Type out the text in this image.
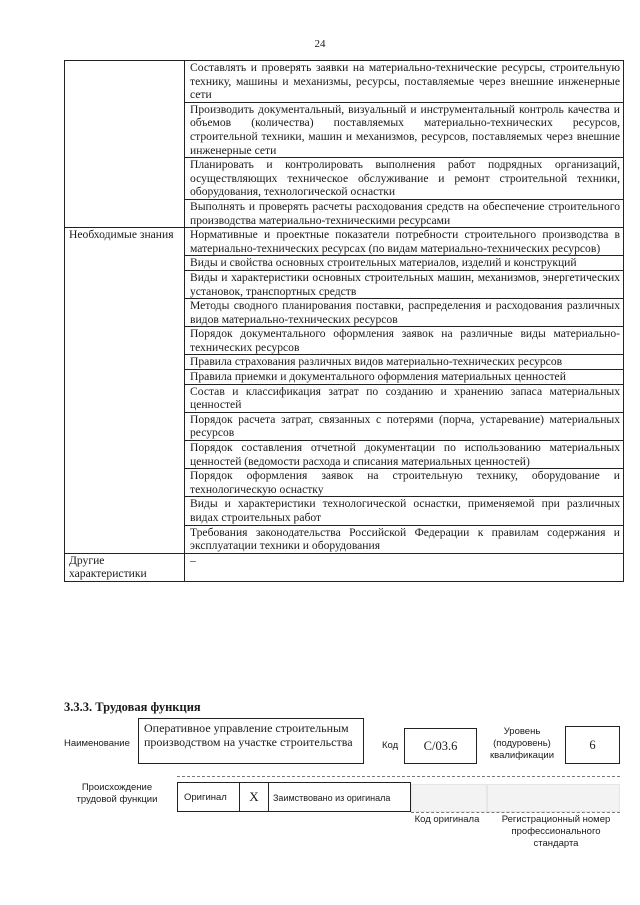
24
	Составлять и проверять заявки на материально-технические ресурсы, строительную технику, машины и механизмы, ресурсы, поставляемые через внешние инженерные сети
	Производить документальный, визуальный и инструментальный контроль качества и объемов (количества) поставляемых материально-технических ресурсов, строительной техники, машин и механизмов, ресурсов, поставляемых через внешние инженерные сети
	Планировать и контролировать выполнения работ подрядных организаций, осуществляющих техническое обслуживание и ремонт строительной техники, оборудования, технологической оснастки
	Выполнять и проверять расчеты расходования средств на обеспечение строительного производства материально-техническими ресурсами
Необходимые знания	Нормативные и проектные показатели потребности строительного производства в материально-технических ресурсах (по видам материально-технических ресурсов)
	Виды и свойства основных строительных материалов, изделий и конструкций
	Виды и характеристики основных строительных машин, механизмов, энергетических установок, транспортных средств
	Методы сводного планирования поставки, распределения и расходования различных видов материально-технических ресурсов
	Порядок документального оформления заявок на различные виды материально-технических ресурсов
	Правила страхования различных видов материально-технических ресурсов
	Правила приемки и документального оформления материальных ценностей
	Состав и классификация затрат по созданию и хранению запаса материальных ценностей
	Порядок расчета затрат, связанных с потерями (порча, устаревание) материальных ресурсов
	Порядок составления отчетной документации по использованию материальных ценностей (ведомости расхода и списания материальных ценностей)
	Порядок оформления заявок на строительную технику, оборудование и технологическую оснастку
	Виды и характеристики технологической оснастки, применяемой при различных видах строительных работ
	Требования законодательства Российской Федерации к правилам содержания и эксплуатации техники и оборудования
Другие характеристики	–
3.3.3. Трудовая функция
Наименование
Оперативное управление строительным производством на участке строительства	Код	С/03.6
Уровень (подуровень) квалификации
6
Происхождение трудовой функции	Оригинал	X	Заимствовано из оригинала
Код оригинала	Регистрационный номер профессионального стандарта
